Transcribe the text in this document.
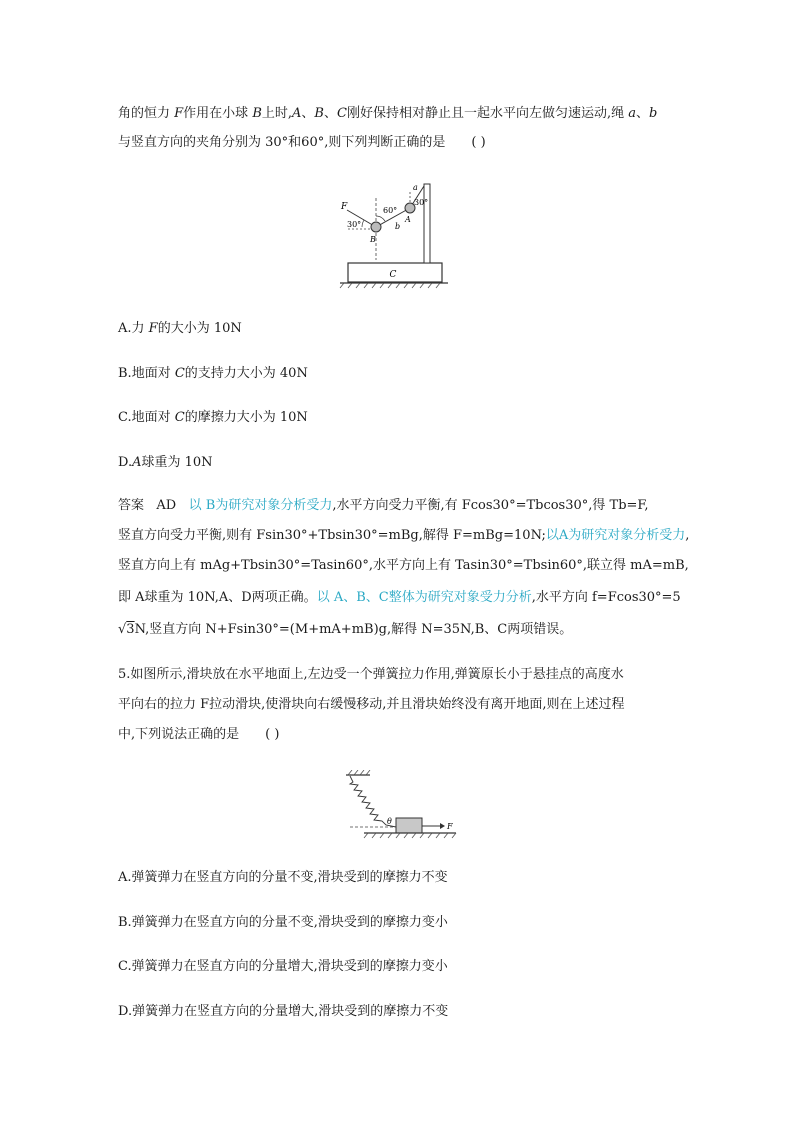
角的恒力 F作用在小球 B上时,A、B、C刚好保持相对静止且一起水平向左做匀速运动,绳 a、b
与竖直方向的夹角分别为 30°和60°,则下列判断正确的是 ( )
C
F
30°
60°
30°
a
A
b
B
A.力 F的大小为 10N
B.地面对 C的支持力大小为 40N
C.地面对 C的摩擦力大小为 10N
D.A球重为 10N
答案 AD 以 B为研究对象分析受力,水平方向受力平衡,有 Fcos30°=Tbcos30°,得 Tb=F,
竖直方向受力平衡,则有 Fsin30°+Tbsin30°=mBg,解得 F=mBg=10N;以A为研究对象分析受力,
竖直方向上有 mAg+Tbsin30°=Tasin60°,水平方向上有 Tasin30°=Tbsin60°,联立得 mA=mB,
即 A球重为 10N,A、D两项正确。以 A、B、C整体为研究对象受力分析,水平方向 f=Fcos30°=5
√3N,竖直方向 N+Fsin30°=(M+mA+mB)g,解得 N=35N,B、C两项错误。
5.如图所示,滑块放在水平地面上,左边受一个弹簧拉力作用,弹簧原长小于悬挂点的高度水
平向右的拉力 F拉动滑块,使滑块向右缓慢移动,并且滑块始终没有离开地面,则在上述过程
中,下列说法正确的是 ( )
θ
F
A.弹簧弹力在竖直方向的分量不变,滑块受到的摩擦力不变
B.弹簧弹力在竖直方向的分量不变,滑块受到的摩擦力变小
C.弹簧弹力在竖直方向的分量增大,滑块受到的摩擦力变小
D.弹簧弹力在竖直方向的分量增大,滑块受到的摩擦力不变
